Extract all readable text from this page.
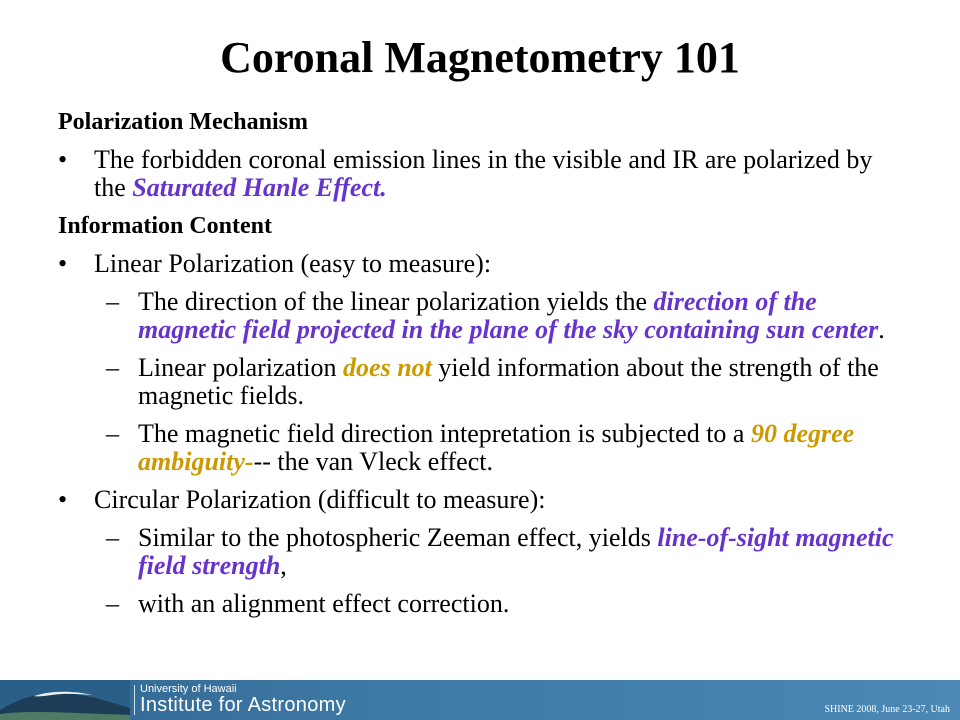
Coronal Magnetometry 101
Polarization Mechanism
• The forbidden coronal emission lines in the visible and IR are polarized by the Saturated Hanle Effect.
Information Content
• Linear Polarization (easy to measure):
– The direction of the linear polarization yields the direction of the magnetic field projected in the plane of the sky containing sun center.
– Linear polarization does not yield information about the strength of the magnetic fields.
– The magnetic field direction intepretation is subjected to a 90 degree ambiguity--- the van Vleck effect.
• Circular Polarization (difficult to measure):
– Similar to the photospheric Zeeman effect, yields line-of-sight magnetic field strength,
– with an alignment effect correction.
University of Hawaii
Institute for Astronomy	SHINE 2008, June 23-27, Utah
